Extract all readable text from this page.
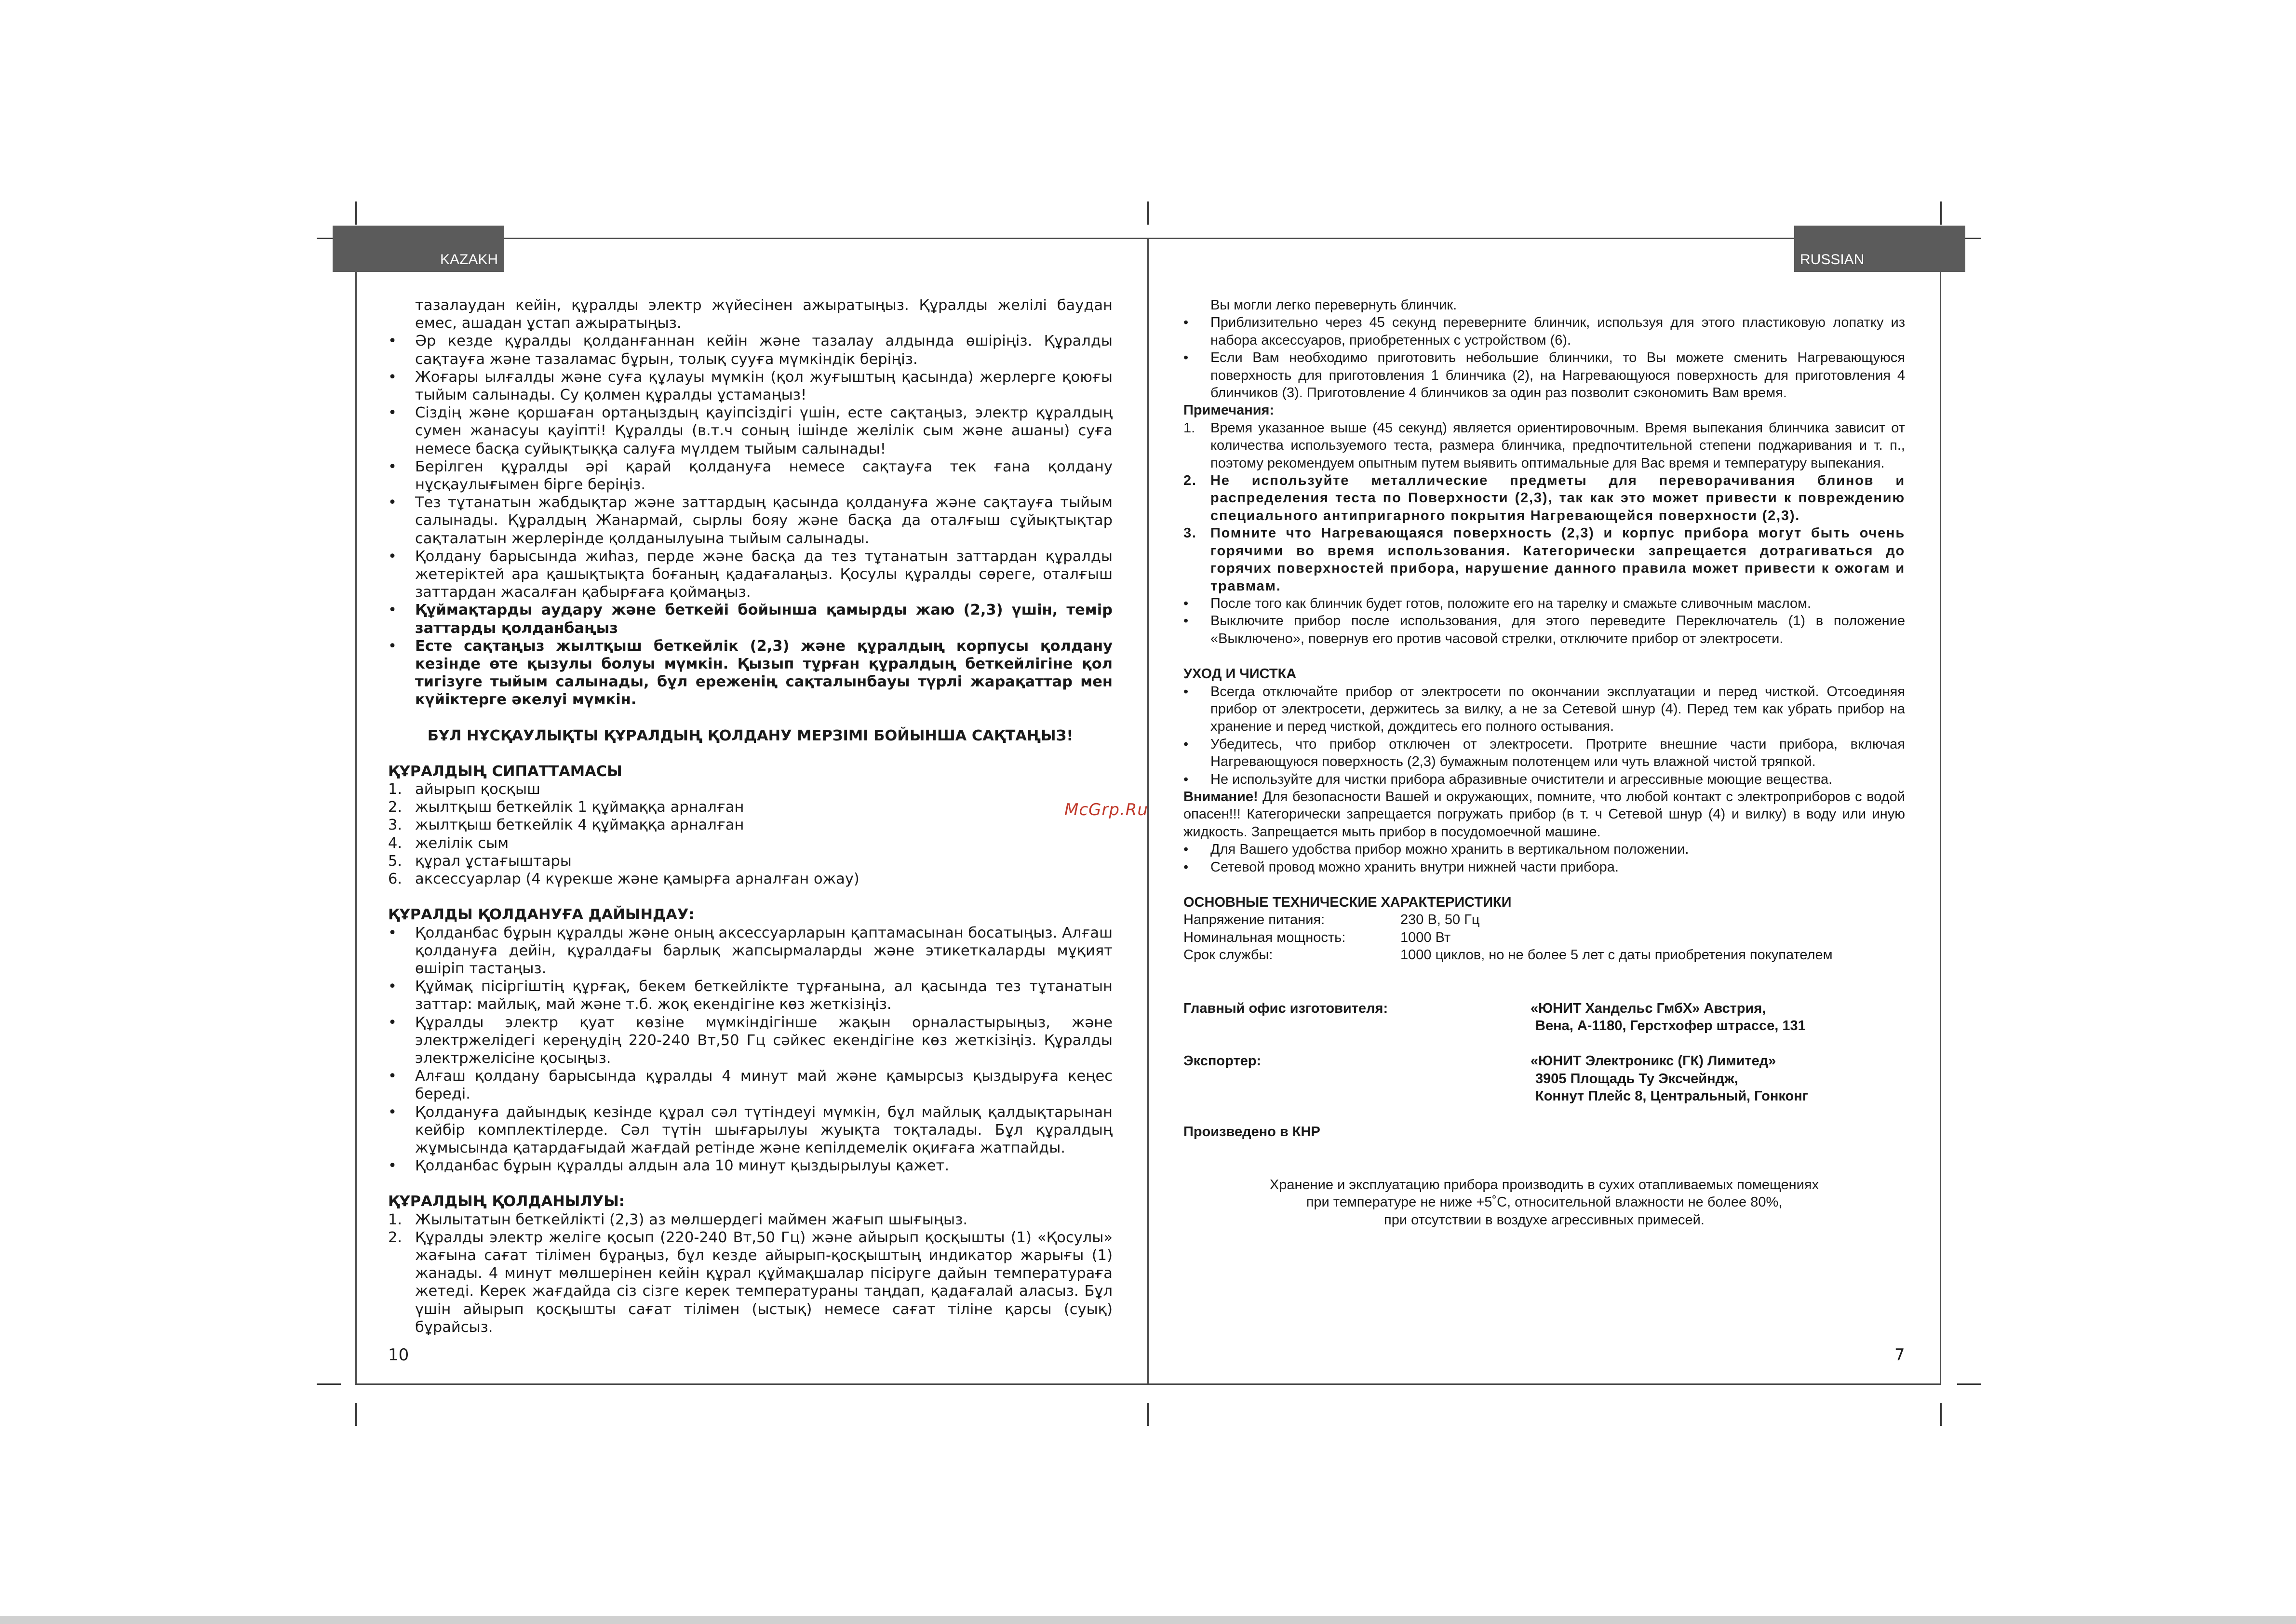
KAZAKH	RUSSIAN
McGrp.Ru

тазалаудан кейін, құралды электр жүйесінен ажыратыңыз. Құралды желілі баудан емес, ашадан ұстап ажыратыңыз.

• Әр кезде құралды қолданғаннан кейін және тазалау алдында өшіріңіз. Құралды сақтауға және тазаламас бұрын, толық сууға мүмкіндік беріңіз.
• Жоғары ылғалды және суға құлауы мүмкін (қол жуғыштың қасында) жерлерге қоюғы тыйым салынады. Су қолмен құралды ұстамаңыз!
• Сіздің және қоршаған ортаңыздың қауіпсіздігі үшін, есте сақтаңыз, электр құралдың сумен жанасуы қауіпті! Құралды (в.т.ч соның ішінде желілік сым және ашаны) суға немесе басқа суйықтыққа салуға мүлдем тыйым салынады!
• Берілген құралды әрі қарай қолдануға немесе сақтауға тек ғана қолдану нұсқаулығымен бірге беріңіз.
• Тез тұтанатын жабдықтар және заттардың қасында қолдануға және сақтауға тыйым салынады. Құралдың Жанармай, сырлы бояу және басқа да оталғыш сұйықтықтар сақталатын жерлерінде қолданылуына тыйым салынады.
• Қолдану барысында жиһаз, перде және басқа да тез тұтанатын заттардан құралды жетеріктей ара қашықтықта боғаның қадағалаңыз. Қосулы құралды сөреге, оталғыш заттардан жасалған қабырғаға қоймаңыз.
• Құймақтарды аудару және беткейі бойынша қамырды жаю (2,3) үшін, темір заттарды қолданбаңыз
• Есте сақтаңыз жылтқыш беткейлік (2,3) және құралдың корпусы қолдану кезінде өте қызулы болуы мүмкін. Қызып тұрған құралдың беткейлігіне қол тигізуге тыйым салынады, бұл ереженің сақталынбауы түрлі жарақаттар мен күйіктерге әкелуі мүмкін.

БҰЛ НҰСҚАУЛЫҚТЫ ҚҰРАЛДЫҢ ҚОЛДАНУ МЕРЗІМІ БОЙЫНША САҚТАҢЫЗ!

ҚҰРАЛДЫҢ СИПАТТАМАСЫ

1. айырып қосқыш
2. жылтқыш беткейлік 1 құймаққа арналған
3. жылтқыш беткейлік 4 құймаққа арналған
4. желілік сым
5. құрал ұстағыштары
6. аксессуарлар (4 күрекше және қамырға арналған ожау)

ҚҰРАЛДЫ ҚОЛДАНУҒА ДАЙЫНДАУ:

• Қолданбас бұрын құралды және оның аксессуарларын қаптамасынан босатыңыз. Алғаш қолдануға дейін, құралдағы барлық жапсырмаларды және этикеткаларды мұқият өшіріп тастаңыз.
• Құймақ пісіргіштің құрғақ, бекем беткейлікте тұрғанына, ал қасында тез тұтанатын заттар: майлық, май және т.б. жоқ екендігіне көз жеткізіңіз.
• Құралды электр қуат көзіне мүмкіндігінше жақын орналастырыңыз, және электржелідегі кереңудің 220-240 Вт,50 Гц сәйкес екендігіне көз жеткізіңіз. Құралды электржелісіне қосыңыз.
• Алғаш қолдану барысында құралды 4 минут май және қамырсыз қыздыруға кеңес береді.
• Қолдануға дайындық кезінде құрал сәл түтіндеуі мүмкін, бұл майлық қалдықтарынан кейбір комплектілерде. Сәл түтін шығарылуы жуықта тоқталады. Бұл құралдың жұмысында қатардағыдай жағдай ретінде және кепілдемелік оқиғаға жатпайды.
• Қолданбас бұрын құралды алдын ала 10 минут қыздырылуы қажет.

ҚҰРАЛДЫҢ ҚОЛДАНЫЛУЫ:

1. Жылытатын беткейлікті (2,3) аз мөлшердегі маймен жағып шығыңыз.
2. Құралды электр желіге қосып (220-240 Вт,50 Гц) және айырып қосқышты (1) «Қосулы» жағына сағат тілімен бұраңыз, бұл кезде айырып-қосқыштың индикатор жарығы (1) жанады. 4 минут мөлшерінен кейін құрал құймақшалар пісіруге дайын температураға жетеді. Керек жағдайда сіз сізге керек температураны таңдап, қадағалай аласыз. Бұл үшін айырып қосқышты сағат тілімен (ыстық) немесе сағат тіліне қарсы (суық) бұрайсыз.

Вы могли легко перевернуть блинчик.

• Приблизительно через 45 секунд переверните блинчик, используя для этого пластиковую лопатку из набора аксессуаров, приобретенных с устройством (6).
• Если Вам необходимо приготовить небольшие блинчики, то Вы можете сменить Нагревающуюся поверхность для приготовления 1 блинчика (2), на Нагревающуюся поверхность для приготовления 4 блинчиков (3). Приготовление 4 блинчиков за один раз позволит сэкономить Вам время.

Примечания:

1. Время указанное выше (45 секунд) является ориентировочным. Время выпекания блинчика зависит от количества используемого теста, размера блинчика, предпочтительной степени поджаривания и т. п., поэтому рекомендуем опытным путем выявить оптимальные для Вас время и температуру выпекания.
2. Не используйте металлические предметы для переворачивания блинов и распределения теста по Поверхности (2,3), так как это может привести к повреждению специального антипригарного покрытия Нагревающейся поверхности (2,3).
3. Помните что Нагревающаяся поверхность (2,3) и корпус прибора могут быть очень горячими во время использования. Категорически запрещается дотрагиваться до горячих поверхностей прибора, нарушение данного правила может привести к ожогам и травмам.
• После того как блинчик будет готов, положите его на тарелку и смажьте сливочным маслом.
• Выключите прибор после использования, для этого переведите Переключатель (1) в положение «Выключено», повернув его против часовой стрелки, отключите прибор от электросети.

УХОД И ЧИСТКА

• Всегда отключайте прибор от электросети по окончании эксплуатации и перед чисткой. Отсоединяя прибор от электросети, держитесь за вилку, а не за Сетевой шнур (4). Перед тем как убрать прибор на хранение и перед чисткой, дождитесь его полного остывания.
• Убедитесь, что прибор отключен от электросети. Протрите внешние части прибора, включая Нагревающуюся поверхность (2,3) бумажным полотенцем или чуть влажной чистой тряпкой.
• Не используйте для чистки прибора абразивные очистители и агрессивные моющие вещества.

Внимание! Для безопасности Вашей и окружающих, помните, что любой контакт с электроприборов с водой опасен!!! Категорически запрещается погружать прибор (в т. ч Сетевой шнур (4) и вилку) в воду или иную жидкость. Запрещается мыть прибор в посудомоечной машине.

• Для Вашего удобства прибор можно хранить в вертикальном положении.
• Сетевой провод можно хранить внутри нижней части прибора.

ОСНОВНЫЕ ТЕХНИЧЕСКИЕ ХАРАКТЕРИСТИКИ

Напряжение питания:	230 В, 50 Гц
Номинальная мощность:	1000 Вт
Срок службы:	1000 циклов, но не более 5 лет с даты приобретения покупателем
Главный офис изготовителя:	«ЮНИТ Хандельс ГмбХ» Австрия,
Вена, А-1180, Герстхофер штрассе, 131
Экспортер:	«ЮНИТ Электроникс (ГК) Лимитед»
3905 Площадь Ту Эксчейндж,
Коннут Плейс 8, Центральный, Гонконг

Произведено в КНР

Хранение и эксплуатацию прибора производить в сухих отапливаемых помещениях
при температуре не ниже +5˚С, относительной влажности не более 80%,
при отсутствии в воздухе агрессивных примесей.
10	7
